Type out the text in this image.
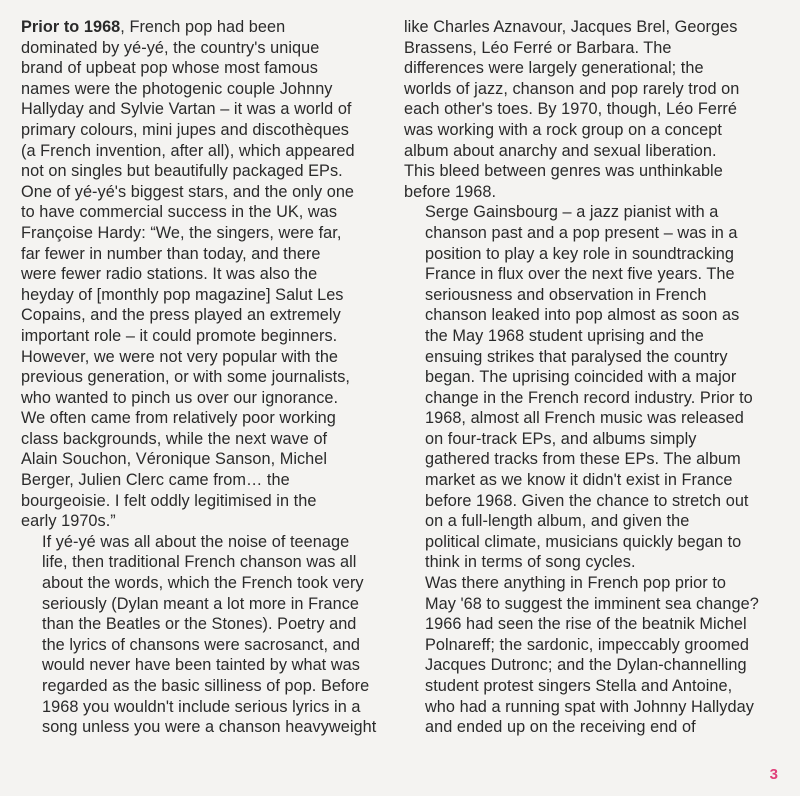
Prior to 1968, French pop had been
dominated by yé-yé, the country's unique
brand of upbeat pop whose most famous
names were the photogenic couple Johnny
Hallyday and Sylvie Vartan – it was a world of
primary colours, mini jupes and discothèques
(a French invention, after all), which appeared
not on singles but beautifully packaged EPs.
One of yé-yé's biggest stars, and the only one
to have commercial success in the UK, was
Françoise Hardy: “We, the singers, were far,
far fewer in number than today, and there
were fewer radio stations. It was also the
heyday of [monthly pop magazine] Salut Les
Copains, and the press played an extremely
important role – it could promote beginners.
However, we were not very popular with the
previous generation, or with some journalists,
who wanted to pinch us over our ignorance.
We often came from relatively poor working
class backgrounds, while the next wave of
Alain Souchon, Véronique Sanson, Michel
Berger, Julien Clerc came from… the
bourgeoisie. I felt oddly legitimised in the
early 1970s.”

If yé-yé was all about the noise of teenage
life, then traditional French chanson was all
about the words, which the French took very
seriously (Dylan meant a lot more in France
than the Beatles or the Stones). Poetry and
the lyrics of chansons were sacrosanct, and
would never have been tainted by what was
regarded as the basic silliness of pop. Before
1968 you wouldn't include serious lyrics in a
song unless you were a chanson heavyweight

like Charles Aznavour, Jacques Brel, Georges
Brassens, Léo Ferré or Barbara. The
differences were largely generational; the
worlds of jazz, chanson and pop rarely trod on
each other's toes. By 1970, though, Léo Ferré
was working with a rock group on a concept
album about anarchy and sexual liberation.
This bleed between genres was unthinkable
before 1968.

Serge Gainsbourg – a jazz pianist with a
chanson past and a pop present – was in a
position to play a key role in soundtracking
France in flux over the next five years. The
seriousness and observation in French
chanson leaked into pop almost as soon as
the May 1968 student uprising and the
ensuing strikes that paralysed the country
began. The uprising coincided with a major
change in the French record industry. Prior to
1968, almost all French music was released
on four-track EPs, and albums simply
gathered tracks from these EPs. The album
market as we know it didn't exist in France
before 1968. Given the chance to stretch out
on a full-length album, and given the
political climate, musicians quickly began to
think in terms of song cycles.

Was there anything in French pop prior to
May '68 to suggest the imminent sea change?
1966 had seen the rise of the beatnik Michel
Polnareff; the sardonic, impeccably groomed
Jacques Dutronc; and the Dylan-channelling
student protest singers Stella and Antoine,
who had a running spat with Johnny Hallyday
and ended up on the receiving end of

3
